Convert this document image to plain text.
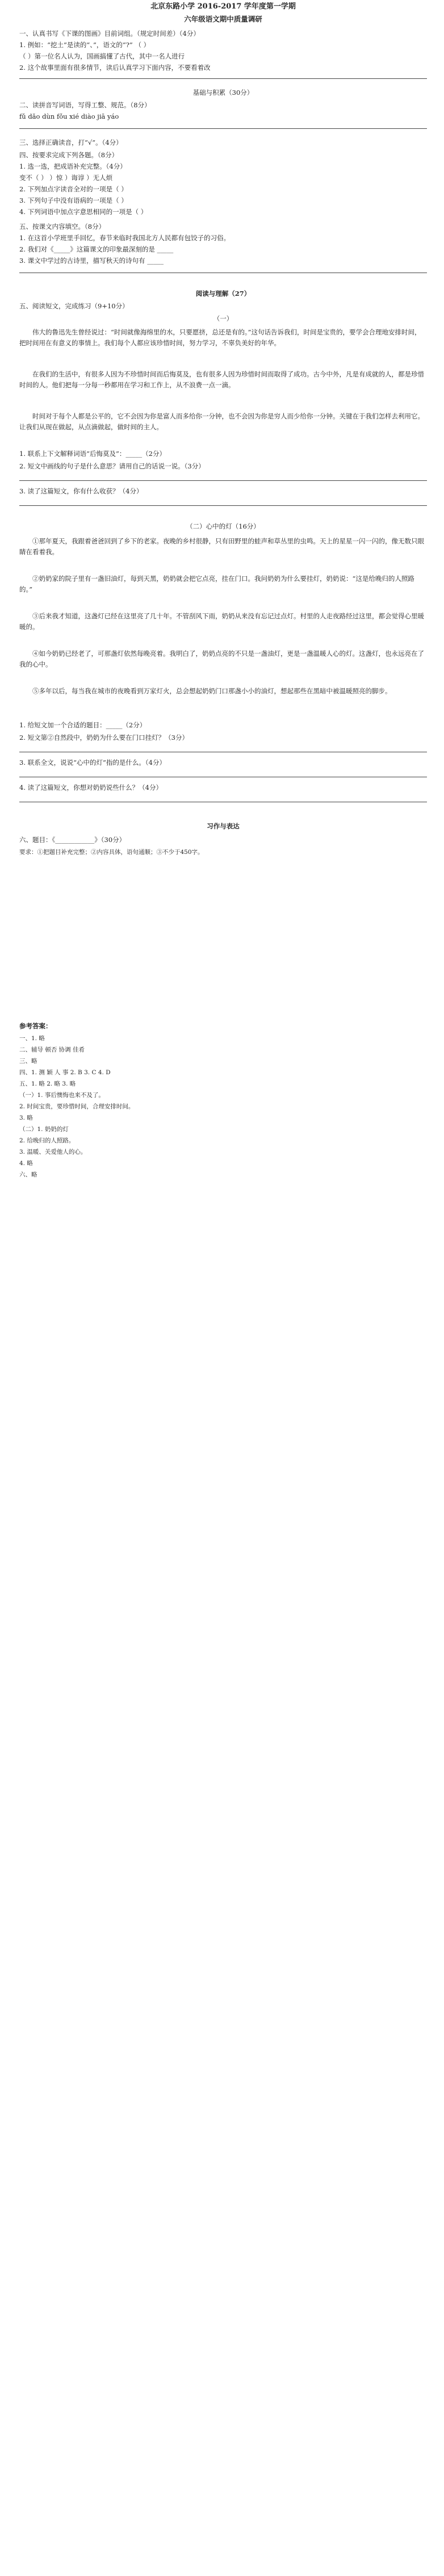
北京东路小学 2016-2017 学年度第一学期
六年级语文期中质量调研
一、认真书写《下课的图画》目前词组。（规定时间差）（4分）
1. 例如：“挖土”是读的“、”，语文的“?” （ ）
（ ）第一位名人认为，国画搞懂了古代，其中一名人进行
2. 这个故事里面有很多情节，读后认真学习下面内容，不要看着改
基础与积累（30分）
二、读拼音写词语，写得工整、规范。（8分）
fǔ dǎo dùn fǒu xié diào jiā yáo
三、选择正确读音，打“√”。（4分）
四、按要求完成下列各题。（8分）
1. 选一选，把成语补充完整。（4分）
变不（ ） ）惊 ）诲谆 ）无人烦
2. 下列加点字读音全对的一项是（ ）
3. 下列句子中没有语病的一项是（ ）
4. 下列词语中加点字意思相同的一项是（ ）
五、按课文内容填空。（8分）
1. 在这首小学班里手回忆，春节来临时我国北方人民都有包饺子的习俗。
2. 我们对《_____》这篇课文的印象最深刻的是 _____
3. 课文中学过的古诗里，描写秋天的诗句有 _____
阅读与理解（27）
五、阅读短文，完成练习（9+10分）
（一）
伟大的鲁迅先生曾经说过：“时间就像海绵里的水，只要愿挤，总还是有的。”这句话告诉我们，时间是宝贵的，要学会合理地安排时间，把时间用在有意义的事情上。我们每个人都应该珍惜时间，努力学习，不辜负美好的年华。
在我们的生活中，有很多人因为不珍惜时间而后悔莫及，也有很多人因为珍惜时间而取得了成功。古今中外，凡是有成就的人，都是珍惜时间的人。他们把每一分每一秒都用在学习和工作上，从不浪费一点一滴。
时间对于每个人都是公平的，它不会因为你是富人而多给你一分钟，也不会因为你是穷人而少给你一分钟。关键在于我们怎样去利用它。让我们从现在做起，从点滴做起，做时间的主人。
1. 联系上下文解释词语“后悔莫及”：_____（2分）
2. 短文中画线的句子是什么意思？请用自己的话说一说。（3分）
3. 读了这篇短文，你有什么收获？（4分）
（二）心中的灯（16分）
①那年夏天，我跟着爸爸回到了乡下的老家。夜晚的乡村很静，只有田野里的蛙声和草丛里的虫鸣。天上的星星一闪一闪的，像无数只眼睛在看着我。
②奶奶家的院子里有一盏旧油灯，每到天黑，奶奶就会把它点亮，挂在门口。我问奶奶为什么要挂灯，奶奶说：“这是给晚归的人照路的。”
③后来我才知道，这盏灯已经在这里亮了几十年。不管刮风下雨，奶奶从来没有忘记过点灯。村里的人走夜路经过这里，都会觉得心里暖暖的。
④如今奶奶已经老了，可那盏灯依然每晚亮着。我明白了，奶奶点亮的不只是一盏油灯，更是一盏温暖人心的灯。这盏灯，也永远亮在了我的心中。
⑤多年以后，每当我在城市的夜晚看到万家灯火，总会想起奶奶门口那盏小小的油灯，想起那些在黑暗中被温暖照亮的脚步。
1. 给短文加一个合适的题目：_____（2分）
2. 短文第②自然段中，奶奶为什么要在门口挂灯？（3分）
3. 联系全文，说说“心中的灯”指的是什么。（4分）
4. 读了这篇短文，你想对奶奶说些什么？（4分）
习作与表达
六、题目：《____________》（30分）
要求：①把题目补充完整；②内容具体，语句通顺；③不少于450字。
参考答案：
一、1. 略
二、辅导 顿否 协调 佳肴
三、略
四、1. 测 颖 人 事 2. B 3. C 4. D
五、1. 略 2. 略 3. 略
（一）1. 事后懊悔也来不及了。
2. 时间宝贵，要珍惜时间，合理安排时间。
3. 略
（二）1. 奶奶的灯
2. 给晚归的人照路。
3. 温暖、关爱他人的心。
4. 略
六、略
